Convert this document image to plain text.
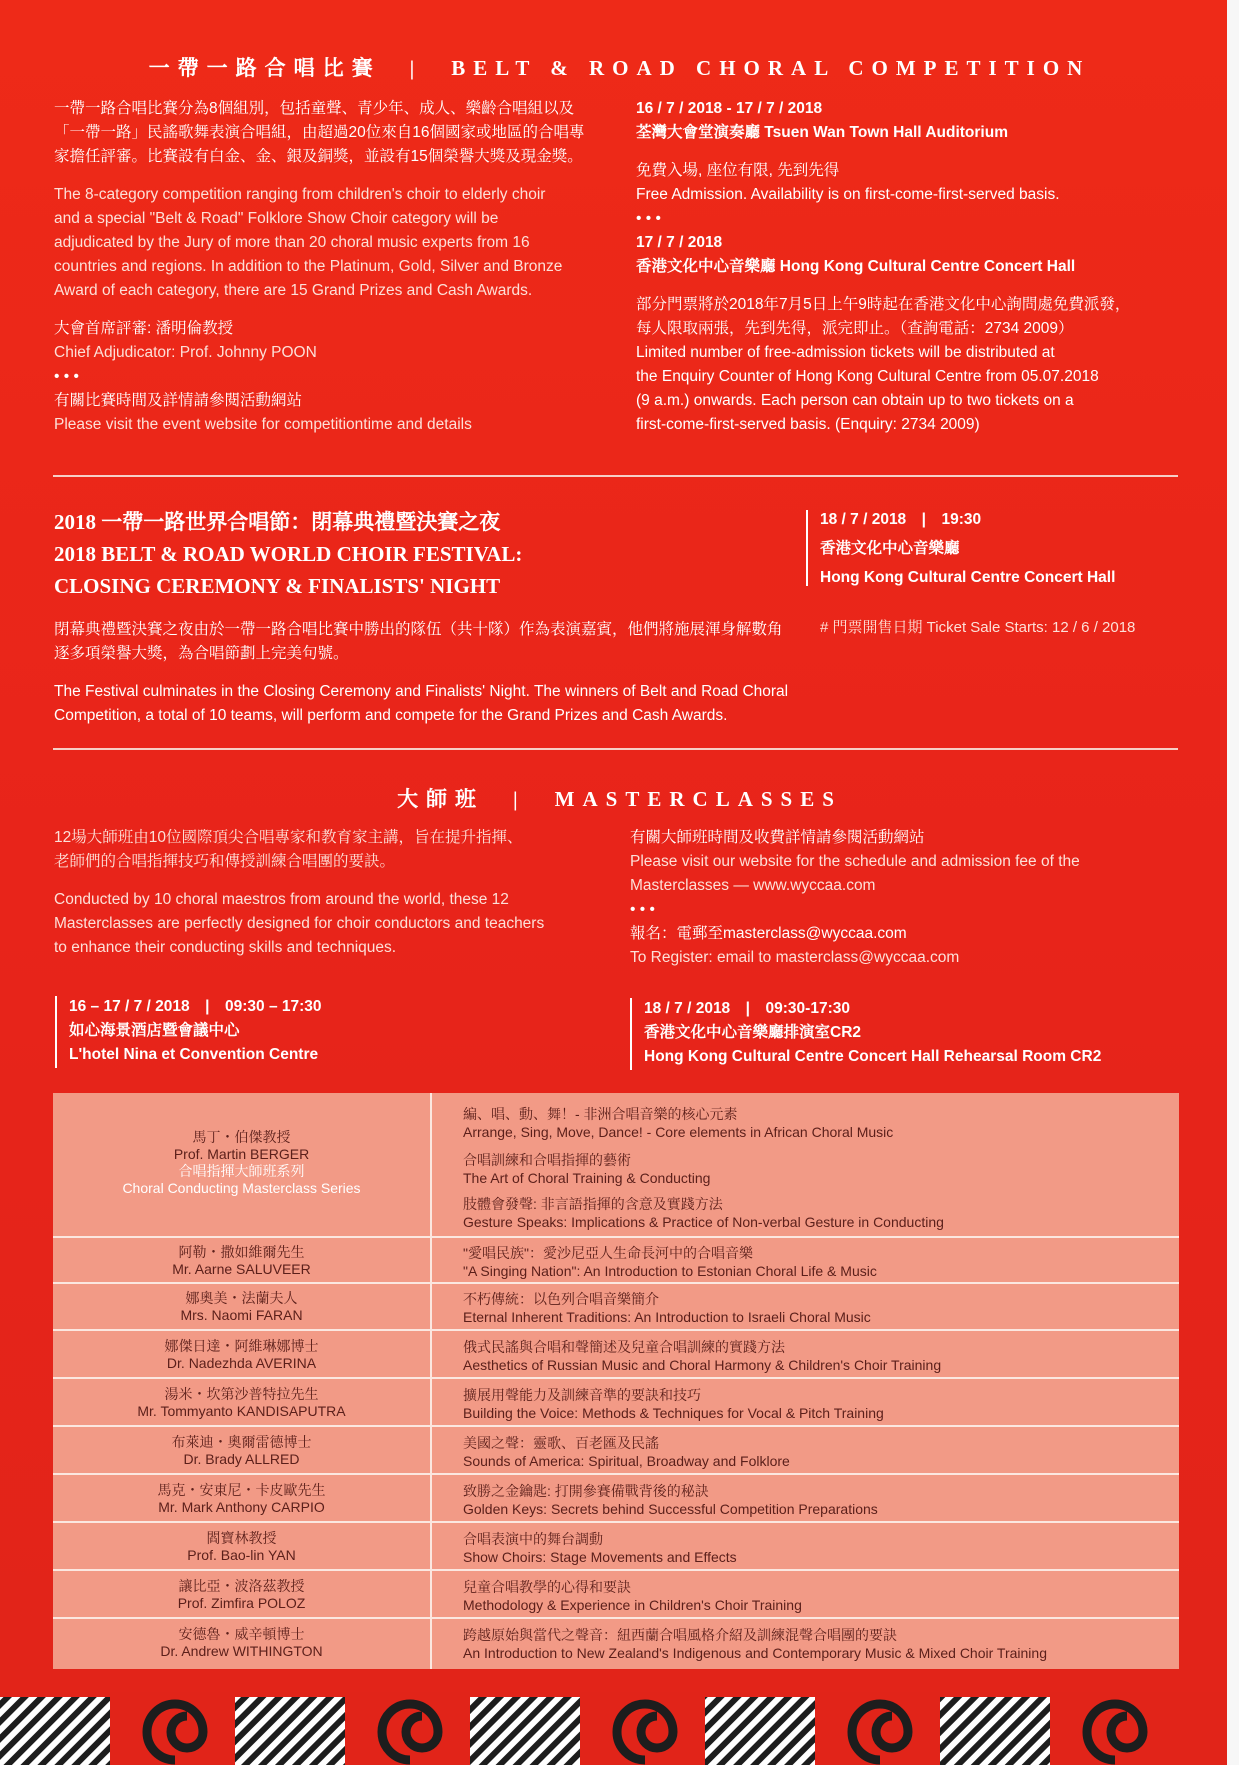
一帶一路合唱比賽　|　BELT & ROAD CHORAL COMPETITION

一帶一路合唱比賽分為8個組別，包括童聲、青少年、成人、樂齡合唱組以及

「一帶一路」民謠歌舞表演合唱組，由超過20位來自16個國家或地區的合唱專

家擔任評審。比賽設有白金、金、銀及銅獎，並設有15個榮譽大獎及現金獎。

The 8-category competition ranging from children's choir to elderly choir

and a special "Belt & Road" Folklore Show Choir category will be

adjudicated by the Jury of more than 20 choral music experts from 16

countries and regions. In addition to the Platinum, Gold, Silver and Bronze

Award of each category, there are 15 Grand Prizes and Cash Awards.

大會首席評審: 潘明倫教授

Chief Adjudicator: Prof. Johnny POON

• • •

有關比賽時間及詳情請參閱活動網站

Please visit the event website for competitiontime and details

16 / 7 / 2018 - 17 / 7 / 2018

荃灣大會堂演奏廳 Tsuen Wan Town Hall Auditorium

免費入場, 座位有限, 先到先得

Free Admission. Availability is on first-come-first-served basis.

• • •

17 / 7 / 2018

香港文化中心音樂廳 Hong Kong Cultural Centre Concert Hall

部分門票將於2018年7月5日上午9時起在香港文化中心詢問處免費派發，

每人限取兩張，先到先得，派完即止。（查詢電話：2734 2009）

Limited number of free-admission tickets will be distributed at

the Enquiry Counter of Hong Kong Cultural Centre from 05.07.2018

(9 a.m.) onwards. Each person can obtain up to two tickets on a

first-come-first-served basis. (Enquiry: 2734 2009)

2018 一帶一路世界合唱節：閉幕典禮暨決賽之夜
2018 BELT & ROAD WORLD CHOIR FESTIVAL:
CLOSING CEREMONY & FINALISTS' NIGHT

18 / 7 / 2018　|　19:30

香港文化中心音樂廳

Hong Kong Cultural Centre Concert Hall

# 門票開售日期 Ticket Sale Starts: 12 / 6 / 2018

閉幕典禮暨決賽之夜由於一帶一路合唱比賽中勝出的隊伍（共十隊）作為表演嘉賓，他們將施展渾身解數角

逐多項榮譽大獎，為合唱節劃上完美句號。

The Festival culminates in the Closing Ceremony and Finalists' Night. The winners of Belt and Road Choral

Competition, a total of 10 teams, will perform and compete for the Grand Prizes and Cash Awards.

大師班　|　MASTERCLASSES

12場大師班由10位國際頂尖合唱專家和教育家主講，旨在提升指揮、

老師們的合唱指揮技巧和傳授訓練合唱團的要訣。

Conducted by 10 choral maestros from around the world, these 12

Masterclasses are perfectly designed for choir conductors and teachers

to enhance their conducting skills and techniques.

有關大師班時間及收費詳情請參閱活動網站

Please visit our website for the schedule and admission fee of the

Masterclasses — www.wyccaa.com

• • •

報名：電郵至masterclass@wyccaa.com

To Register: email to masterclass@wyccaa.com

16 – 17 / 7 / 2018　|　09:30 – 17:30

如心海景酒店暨會議中心

L'hotel Nina et Convention Centre

18 / 7 / 2018　|　09:30-17:30

香港文化中心音樂廳排演室CR2

Hong Kong Cultural Centre Concert Hall Rehearsal Room CR2

馬丁・伯傑教授
Prof. Martin BERGER
合唱指揮大師班系列
Choral Conducting Masterclass Series
編、唱、動、舞！- 非洲合唱音樂的核心元素
Arrange, Sing, Move, Dance! - Core elements in African Choral Music
合唱訓練和合唱指揮的藝術
The Art of Choral Training & Conducting
肢體會發聲: 非言語指揮的含意及實踐方法
Gesture Speaks: Implications & Practice of Non-verbal Gesture in Conducting
阿勒・撒如維爾先生
Mr. Aarne SALUVEER
"愛唱民族"：愛沙尼亞人生命長河中的合唱音樂
"A Singing Nation": An Introduction to Estonian Choral Life & Music
娜奧美・法蘭夫人
Mrs. Naomi FARAN
不朽傳統：以色列合唱音樂簡介
Eternal Inherent Traditions: An Introduction to Israeli Choral Music
娜傑日達・阿維琳娜博士
Dr. Nadezhda AVERINA
俄式民謠與合唱和聲簡述及兒童合唱訓練的實踐方法
Aesthetics of Russian Music and Choral Harmony & Children's Choir Training
湯米・坎第沙普特拉先生
Mr. Tommyanto KANDISAPUTRA
擴展用聲能力及訓練音準的要訣和技巧
Building the Voice: Methods & Techniques for Vocal & Pitch Training
布萊迪・奧爾雷德博士
Dr. Brady ALLRED
美國之聲：靈歌、百老匯及民謠
Sounds of America: Spiritual, Broadway and Folklore
馬克・安東尼・卡皮歐先生
Mr. Mark Anthony CARPIO
致勝之金鑰匙: 打開參賽備戰背後的秘訣
Golden Keys: Secrets behind Successful Competition Preparations
閻寶林教授
Prof. Bao-lin YAN
合唱表演中的舞台調動
Show Choirs: Stage Movements and Effects
讓比亞・波洛茲教授
Prof. Zimfira POLOZ
兒童合唱教學的心得和要訣
Methodology & Experience in Children's Choir Training
安德魯・威辛頓博士
Dr. Andrew WITHINGTON
跨越原始與當代之聲音：紐西蘭合唱風格介紹及訓練混聲合唱團的要訣
An Introduction to New Zealand's Indigenous and Contemporary Music & Mixed Choir Training
